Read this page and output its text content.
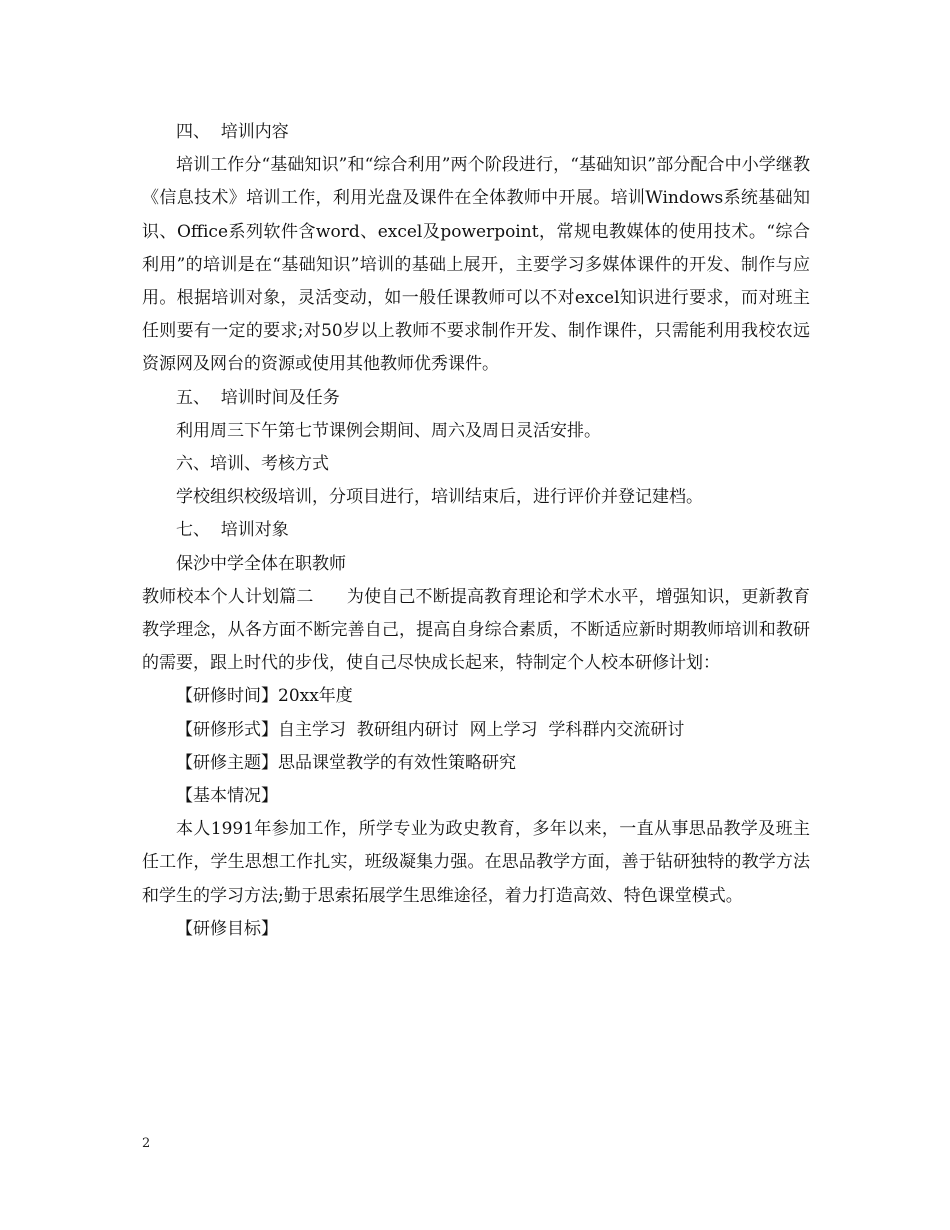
四、  培训内容

培训工作分“基础知识”和“综合利用”两个阶段进行，“基础知识”部分配合中小学继教《信息技术》培训工作，利用光盘及课件在全体教师中开展。培训Windows系统基础知识、Office系列软件含word、excel及powerpoint，常规电教媒体的使用技术。“综合利用”的培训是在“基础知识”培训的基础上展开，主要学习多媒体课件的开发、制作与应用。根据培训对象，灵活变动，如一般任课教师可以不对excel知识进行要求，而对班主任则要有一定的要求;对50岁以上教师不要求制作开发、制作课件，只需能利用我校农远资源网及网台的资源或使用其他教师优秀课件。

五、  培训时间及任务

利用周三下午第七节课例会期间、周六及周日灵活安排。

六、培训、考核方式

学校组织校级培训，分项目进行，培训结束后，进行评价并登记建档。

七、  培训对象

保沙中学全体在职教师

教师校本个人计划篇二      为使自己不断提高教育理论和学术水平，增强知识，更新教育教学理念，从各方面不断完善自己，提高自身综合素质，不断适应新时期教师培训和教研的需要，跟上时代的步伐，使自己尽快成长起来，特制定个人校本研修计划：

【研修时间】20xx年度

【研修形式】自主学习  教研组内研讨  网上学习  学科群内交流研讨

【研修主题】思品课堂教学的有效性策略研究

【基本情况】

本人1991年参加工作，所学专业为政史教育，多年以来，一直从事思品教学及班主任工作，学生思想工作扎实，班级凝集力强。在思品教学方面，善于钻研独特的教学方法和学生的学习方法;勤于思索拓展学生思维途径，着力打造高效、特色课堂模式。

【研修目标】

2
